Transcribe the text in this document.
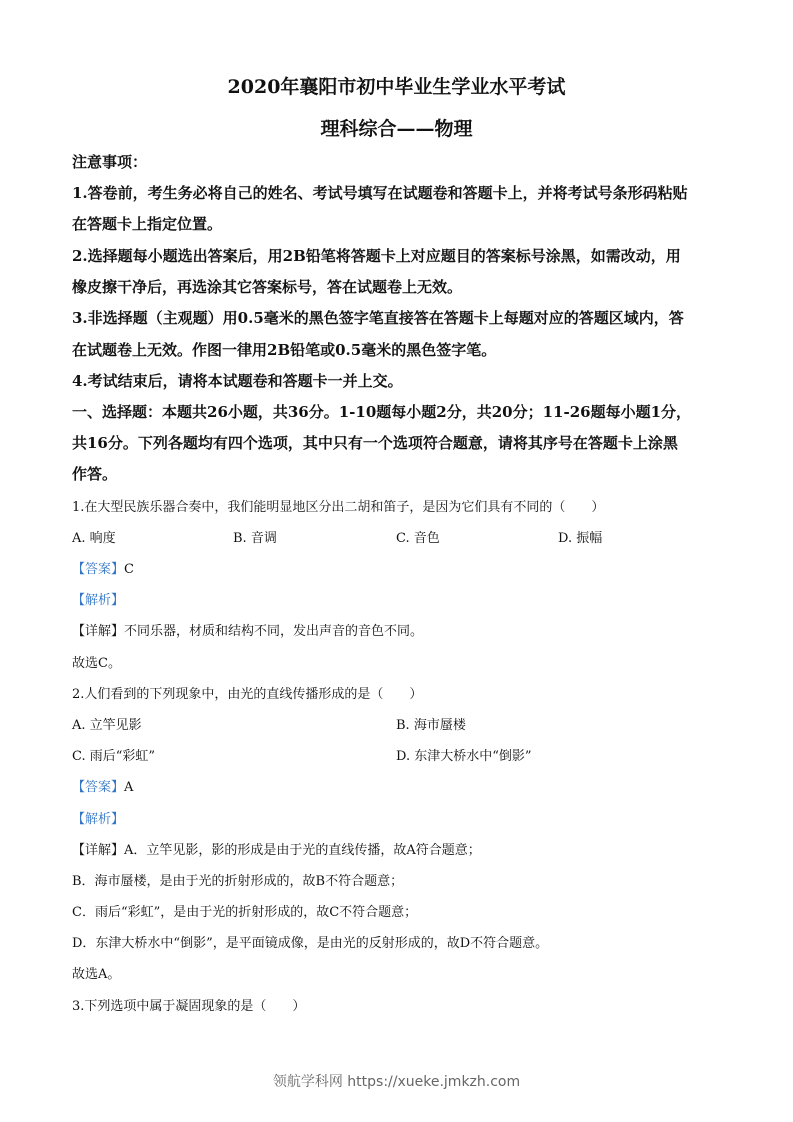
2020年襄阳市初中毕业生学业水平考试
理科综合——物理
注意事项：
1.答卷前，考生务必将自己的姓名、考试号填写在试题卷和答题卡上，并将考试号条形码粘贴
在答题卡上指定位置。
2.选择题每小题选出答案后，用2B铅笔将答题卡上对应题目的答案标号涂黑，如需改动，用
橡皮擦干净后，再选涂其它答案标号，答在试题卷上无效。
3.非选择题（主观题）用0.5毫米的黑色签字笔直接答在答题卡上每题对应的答题区域内，答
在试题卷上无效。作图一律用2B铅笔或0.5毫米的黑色签字笔。
4.考试结束后，请将本试题卷和答题卡一并上交。
一、选择题：本题共26小题，共36分。1-10题每小题2分，共20分；11-26题每小题1分，
共16分。下列各题均有四个选项，其中只有一个选项符合题意，请将其序号在答题卡上涂黑
作答。
1.在大型民族乐器合奏中，我们能明显地区分出二胡和笛子，是因为它们具有不同的（　　）
A. 响度	B. 音调	C. 音色	D. 振幅
【答案】C
【解析】
【详解】不同乐器，材质和结构不同，发出声音的音色不同。
故选C。
2.人们看到的下列现象中，由光的直线传播形成的是（　　）
A. 立竿见影	B. 海市蜃楼
C. 雨后“彩虹”	D. 东津大桥水中“倒影”
【答案】A
【解析】
【详解】A．立竿见影，影的形成是由于光的直线传播，故A符合题意；
B．海市蜃楼，是由于光的折射形成的，故B不符合题意；
C．雨后“彩虹”，是由于光的折射形成的，故C不符合题意；
D．东津大桥水中“倒影”，是平面镜成像，是由光的反射形成的，故D不符合题意。
故选A。
3.下列选项中属于凝固现象的是（　　）
领航学科网 https://xueke.jmkzh.com
